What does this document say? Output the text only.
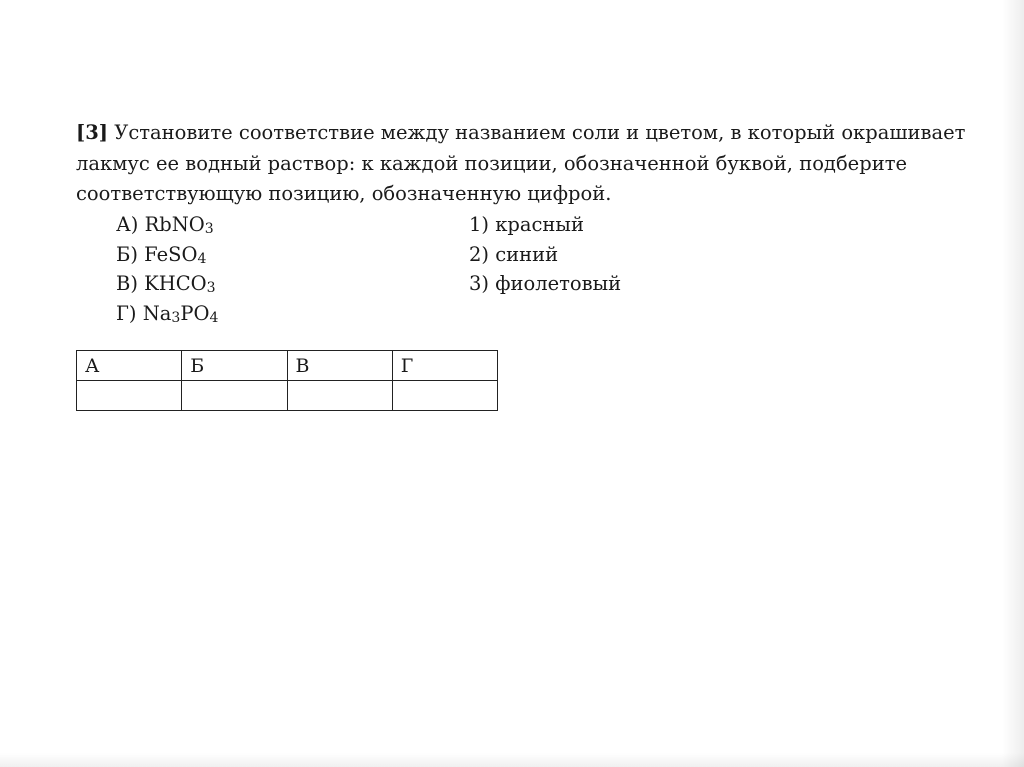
[3] Установите соответствие между названием соли и цветом, в который окрашивает
лакмус ее водный раствор: к каждой позиции, обозначенной буквой, подберите
соответствующую позицию, обозначенную цифрой.
А) RbNO$_3$	1) красный
Б) FeSO$_4$	2) синий
В) $KHCO_3$	3) фиолетовый
Г) $Na_3PO_4$
А	Б	В	Г
